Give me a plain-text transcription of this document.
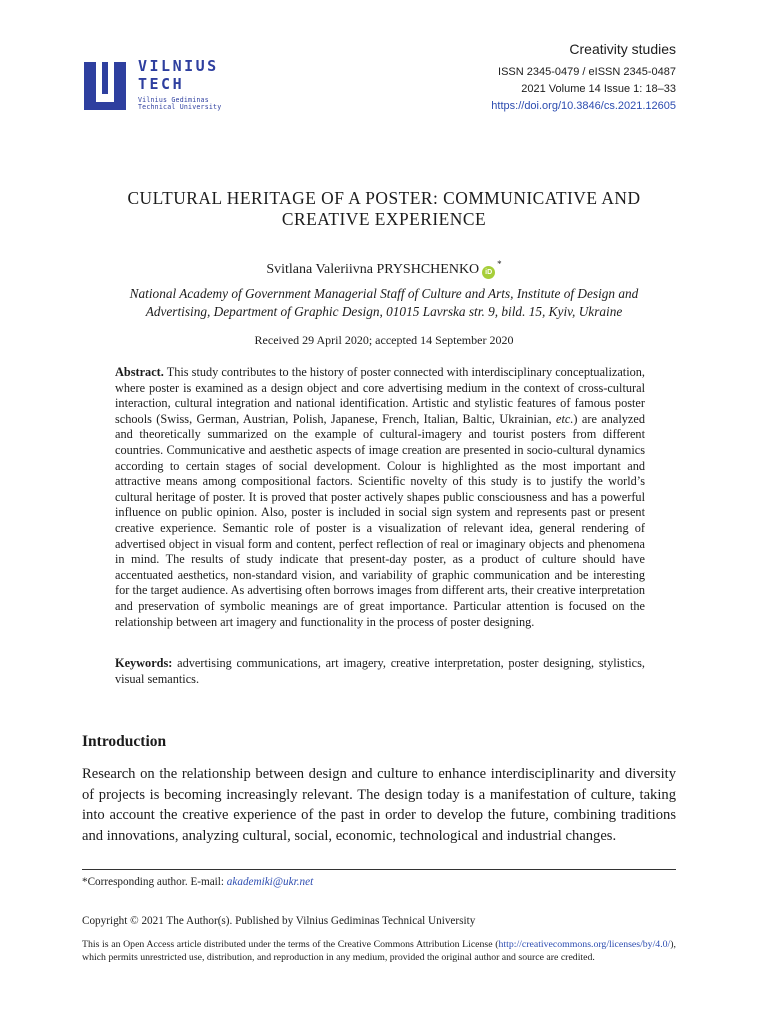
VILNIUS
TECH
Vilnius Gediminas
Technical University
Creativity studies
ISSN 2345-0479 / eISSN 2345-0487
2021 Volume 14 Issue 1: 18–33
https://doi.org/10.3846/cs.2021.12605
CULTURAL HERITAGE OF A POSTER: COMMUNICATIVE AND
CREATIVE EXPERIENCE
Svitlana Valeriivna PRYSHCHENKO iD*
National Academy of Government Managerial Staff of Culture and Arts, Institute of Design and
Advertising, Department of Graphic Design, 01015 Lavrska str. 9, bild. 15, Kyiv, Ukraine
Received 29 April 2020; accepted 14 September 2020
Abstract. This study contributes to the history of poster connected with interdisciplinary conceptualization, where poster is examined as a design object and core advertising medium in the context of cross-cultural interaction, cultural integration and national identification. Artistic and stylistic features of famous poster schools (Swiss, German, Austrian, Polish, Japanese, French, Italian, Baltic, Ukrainian, etc.) are analyzed and theoretically summarized on the example of cultural-imagery and tourist posters from different countries. Communicative and aesthetic aspects of image creation are presented in socio-cultural dynamics according to certain stages of social development. Colour is highlighted as the most important and attractive means among compositional factors. Scientific novelty of this study is to justify the world’s cultural heritage of poster. It is proved that poster actively shapes public consciousness and has a powerful influence on public opinion. Also, poster is included in social sign system and represents past or present creative experience. Semantic role of poster is a visualization of relevant idea, general rendering of advertised object in visual form and content, perfect reflection of real or imaginary objects and phenomena in mind. The results of study indicate that present-day poster, as a product of culture should have accentuated aesthetics, non-standard vision, and variability of graphic communication and be interesting for the target audience. As advertising often borrows images from different arts, their creative interpretation and preservation of symbolic meanings are of great importance. Particular attention is focused on the relationship between art imagery and functionality in the process of poster designing.
Keywords: advertising communications, art imagery, creative interpretation, poster designing, stylistics, visual semantics.
Introduction
Research on the relationship between design and culture to enhance interdisciplinarity and diversity of projects is becoming increasingly relevant. The design today is a manifestation of culture, taking into account the creative experience of the past in order to develop the future, combining traditions and innovations, analyzing cultural, social, economic, technological and industrial changes.
*Corresponding author. E-mail: akademiki@ukr.net
Copyright © 2021 The Author(s). Published by Vilnius Gediminas Technical University
This is an Open Access article distributed under the terms of the Creative Commons Attribution License (http://creativecommons.org/licenses/by/4.0/), which permits unrestricted use, distribution, and reproduction in any medium, provided the original author and source are credited.
